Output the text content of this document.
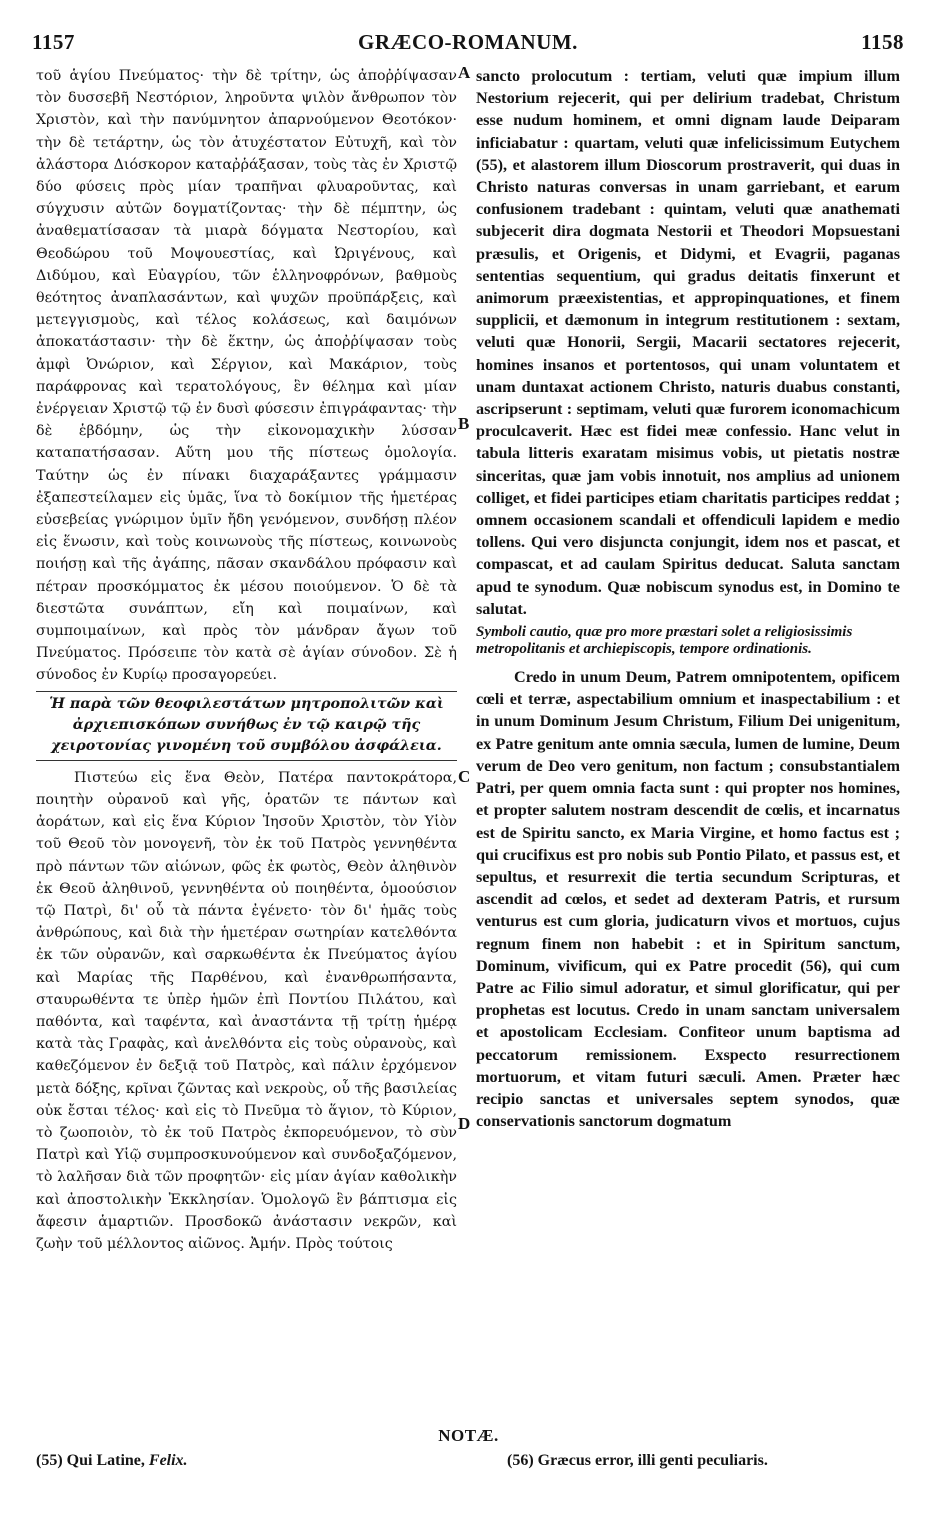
1157	GRÆCO-ROMANUM.	1158

τοῦ ἁγίου Πνεύματος· τὴν δὲ τρίτην, ὡς ἀποῤῥίψασαν τὸν δυσσεβῆ Νεστόριον, ληροῦντα ψιλὸν ἄνθρωπον τὸν Χριστὸν, καὶ τὴν πανύμνητον ἀπαρνούμενον Θεοτόκον· τὴν δὲ τετάρτην, ὡς τὸν ἀτυχέστατον Εὐτυχῆ, καὶ τὸν ἀλάστορα Διόσκορον καταῤῥάξασαν, τοὺς τὰς ἐν Χριστῷ δύο φύσεις πρὸς μίαν τραπῆναι φλυαροῦντας, καὶ σύγχυσιν αὐτῶν δογματίζοντας· τὴν δὲ πέμπτην, ὡς ἀναθεματίσασαν τὰ μιαρὰ δόγματα Νεστορίου, καὶ Θεοδώρου τοῦ Μοψουεστίας, καὶ Ὠριγένους, καὶ Διδύμου, καὶ Εὐαγρίου, τῶν ἑλληνοφρόνων, βαθμοὺς θεότητος ἀναπλασάντων, καὶ ψυχῶν προϋπάρξεις, καὶ μετεγγισμοὺς, καὶ τέλος κολάσεως, καὶ δαιμόνων ἀποκατάστασιν· τὴν δὲ ἕκτην, ὡς ἀποῤῥίψασαν τοὺς ἀμφὶ Ὀνώριον, καὶ Σέργιον, καὶ Μακάριον, τοὺς παράφρονας καὶ τερατολόγους, ἓν θέλημα καὶ μίαν ἐνέργειαν Χριστῷ τῷ ἐν δυσὶ φύσεσιν ἐπιγράφαντας· τὴν δὲ ἑβδόμην, ὡς τὴν εἰκονομαχικὴν λύσσαν καταπατήσασαν. Αὕτη μου τῆς πίστεως ὁμολογία. Ταύτην ὡς ἐν πίνακι διαχαράξαντες γράμμασιν ἐξαπεστείλαμεν εἰς ὑμᾶς, ἵνα τὸ δοκίμιον τῆς ἡμετέρας εὐσεβείας γνώριμον ὑμῖν ἤδη γενόμενον, συνδήσῃ πλέον εἰς ἕνωσιν, καὶ τοὺς κοινωνοὺς τῆς πίστεως, κοινωνοὺς ποιήσῃ καὶ τῆς ἀγάπης, πᾶσαν σκανδάλου πρόφασιν καὶ πέτραν προσκόμματος ἐκ μέσου ποιούμενον. Ὁ δὲ τὰ διεστῶτα συνάπτων, εἴη καὶ ποιμαίνων, καὶ συμποιμαίνων, καὶ πρὸς τὸν μάνδραν ἄγων τοῦ Πνεύματος. Πρόσειπε τὸν κατὰ σὲ ἁγίαν σύνοδον. Σὲ ἡ σύνοδος ἐν Κυρίῳ προσαγορεύει.

Ἡ παρὰ τῶν θεοφιλεστάτων μητροπολιτῶν καὶ ἀρχιεπισκόπων συνήθως ἐν τῷ καιρῷ τῆς χειροτονίας γινομένη τοῦ συμβόλου ἀσφάλεια.

Πιστεύω εἰς ἕνα Θεὸν, Πατέρα παντοκράτορα, ποιητὴν οὐρανοῦ καὶ γῆς, ὁρατῶν τε πάντων καὶ ἀοράτων, καὶ εἰς ἕνα Κύριον Ἰησοῦν Χριστὸν, τὸν Υἱὸν τοῦ Θεοῦ τὸν μονογενῆ, τὸν ἐκ τοῦ Πατρὸς γεννηθέντα πρὸ πάντων τῶν αἰώνων, φῶς ἐκ φωτὸς, Θεὸν ἀληθινὸν ἐκ Θεοῦ ἀληθινοῦ, γεννηθέντα οὐ ποιηθέντα, ὁμοούσιον τῷ Πατρὶ, δι' οὗ τὰ πάντα ἐγένετο· τὸν δι' ἡμᾶς τοὺς ἀνθρώπους, καὶ διὰ τὴν ἡμετέραν σωτηρίαν κατελθόντα ἐκ τῶν οὐρανῶν, καὶ σαρκωθέντα ἐκ Πνεύματος ἁγίου καὶ Μαρίας τῆς Παρθένου, καὶ ἐνανθρωπήσαντα, σταυρωθέντα τε ὑπὲρ ἡμῶν ἐπὶ Ποντίου Πιλάτου, καὶ παθόντα, καὶ ταφέντα, καὶ ἀναστάντα τῇ τρίτῃ ἡμέρᾳ κατὰ τὰς Γραφὰς, καὶ ἀνελθόντα εἰς τοὺς οὐρανοὺς, καὶ καθεζόμενον ἐν δεξιᾷ τοῦ Πατρὸς, καὶ πάλιν ἐρχόμενον μετὰ δόξης, κρῖναι ζῶντας καὶ νεκροὺς, οὗ τῆς βασιλείας οὐκ ἔσται τέλος· καὶ εἰς τὸ Πνεῦμα τὸ ἅγιον, τὸ Κύριον, τὸ ζωοποιὸν, τὸ ἐκ τοῦ Πατρὸς ἐκπορευόμενον, τὸ σὺν Πατρὶ καὶ Υἱῷ συμπροσκυνούμενον καὶ συνδοξαζόμενον, τὸ λαλῆσαν διὰ τῶν προφητῶν· εἰς μίαν ἁγίαν καθολικὴν καὶ ἀποστολικὴν Ἐκκλησίαν. Ὁμολογῶ ἓν βάπτισμα εἰς ἄφεσιν ἁμαρτιῶν. Προσδοκῶ ἀνάστασιν νεκρῶν, καὶ ζωὴν τοῦ μέλλοντος αἰῶνος. Ἀμήν. Πρὸς τούτοις

A
B
C
D

sancto prolocutum : tertiam, veluti quæ impium illum Nestorium rejecerit, qui per delirium tradebat, Christum esse nudum hominem, et omni dignam laude Deiparam inficiabatur : quartam, veluti quæ infelicissimum Eutychem (55), et alastorem illum Dioscorum prostraverit, qui duas in Christo naturas conversas in unam garriebant, et earum confusionem tradebant : quintam, veluti quæ anathemati subjecerit dira dogmata Nestorii et Theodori Mopsuestani præsulis, et Origenis, et Didymi, et Evagrii, paganas sententias sequentium, qui gradus deitatis finxerunt et animorum præexistentias, et appropinquationes, et finem supplicii, et dæmonum in integrum restitutionem : sextam, veluti quæ Honorii, Sergii, Macarii sectatores rejecerit, homines insanos et portentosos, qui unam voluntatem et unam duntaxat actionem Christo, naturis duabus constanti, ascripserunt : septimam, veluti quæ furorem iconomachicum proculcaverit. Hæc est fidei meæ confessio. Hanc velut in tabula litteris exaratam misimus vobis, ut pietatis nostræ sinceritas, quæ jam vobis innotuit, nos amplius ad unionem colliget, et fidei participes etiam charitatis participes reddat ; omnem occasionem scandali et offendiculi lapidem e medio tollens. Qui vero disjuncta conjungit, idem nos et pascat, et compascat, et ad caulam Spiritus deducat. Saluta sanctam apud te synodum. Quæ nobiscum synodus est, in Domino te salutat.

Symboli cautio, quæ pro more præstari solet a religiosissimis metropolitanis et archiepiscopis, tempore ordinationis.

Credo in unum Deum, Patrem omnipotentem, opificem cœli et terræ, aspectabilium omnium et inaspectabilium : et in unum Dominum Jesum Christum, Filium Dei unigenitum, ex Patre genitum ante omnia sæcula, lumen de lumine, Deum verum de Deo vero genitum, non factum ; consubstantialem Patri, per quem omnia facta sunt : qui propter nos homines, et propter salutem nostram descendit de cœlis, et incarnatus est de Spiritu sancto, ex Maria Virgine, et homo factus est ; qui crucifixus est pro nobis sub Pontio Pilato, et passus est, et sepultus, et resurrexit die tertia secundum Scripturas, et ascendit ad cœlos, et sedet ad dexteram Patris, et rursum venturus est cum gloria, judicaturn vivos et mortuos, cujus regnum finem non habebit : et in Spiritum sanctum, Dominum, vivificum, qui ex Patre procedit (56), qui cum Patre ac Filio simul adoratur, et simul glorificatur, qui per prophetas est locutus. Credo in unam sanctam universalem et apostolicam Ecclesiam. Confiteor unum baptisma ad peccatorum remissionem. Exspecto resurrectionem mortuorum, et vitam futuri sæculi. Amen. Præter hæc recipio sanctas et universales septem synodos, quæ conservationis sanctorum dogmatum

NOTÆ.
(55) Qui Latine, Felix.	(56) Græcus error, illi genti peculiaris.
